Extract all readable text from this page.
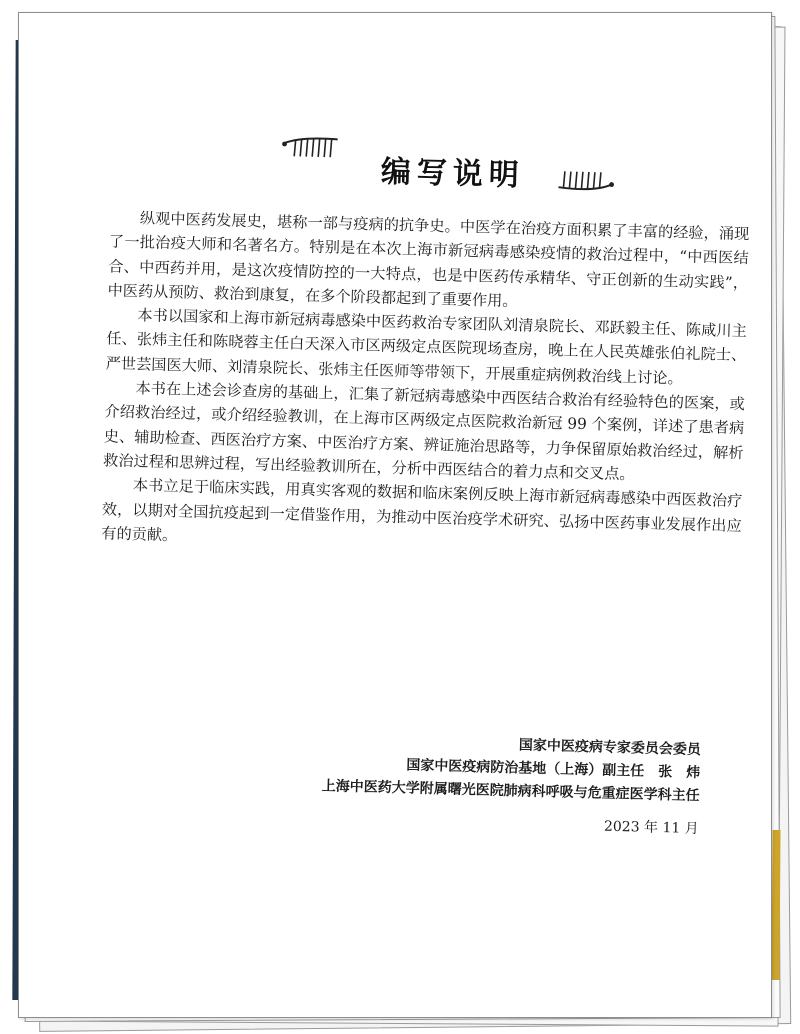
编写说明

纵观中医药发展史，堪称一部与疫病的抗争史。中医学在治疫方面积累了丰富的经验，涌现了一批治疫大师和名著名方。特别是在本次上海市新冠病毒感染疫情的救治过程中，“中西医结合、中西药并用，是这次疫情防控的一大特点，也是中医药传承精华、守正创新的生动实践”，中医药从预防、救治到康复，在多个阶段都起到了重要作用。

本书以国家和上海市新冠病毒感染中医药救治专家团队刘清泉院长、邓跃毅主任、陈咸川主任、张炜主任和陈晓蓉主任白天深入市区两级定点医院现场查房，晚上在人民英雄张伯礼院士、严世芸国医大师、刘清泉院长、张炜主任医师等带领下，开展重症病例救治线上讨论。

本书在上述会诊查房的基础上，汇集了新冠病毒感染中西医结合救治有经验特色的医案，或介绍救治经过，或介绍经验教训，在上海市区两级定点医院救治新冠 99 个案例，详述了患者病史、辅助检查、西医治疗方案、中医治疗方案、辨证施治思路等，力争保留原始救治经过，解析救治过程和思辨过程，写出经验教训所在，分析中西医结合的着力点和交叉点。

本书立足于临床实践，用真实客观的数据和临床案例反映上海市新冠病毒感染中西医救治疗效，以期对全国抗疫起到一定借鉴作用，为推动中医治疫学术研究、弘扬中医药事业发展作出应有的贡献。

国家中医疫病专家委员会委员
国家中医疫病防治基地（上海）副主任　张　炜
上海中医药大学附属曙光医院肺病科呼吸与危重症医学科主任
2023 年 11 月
